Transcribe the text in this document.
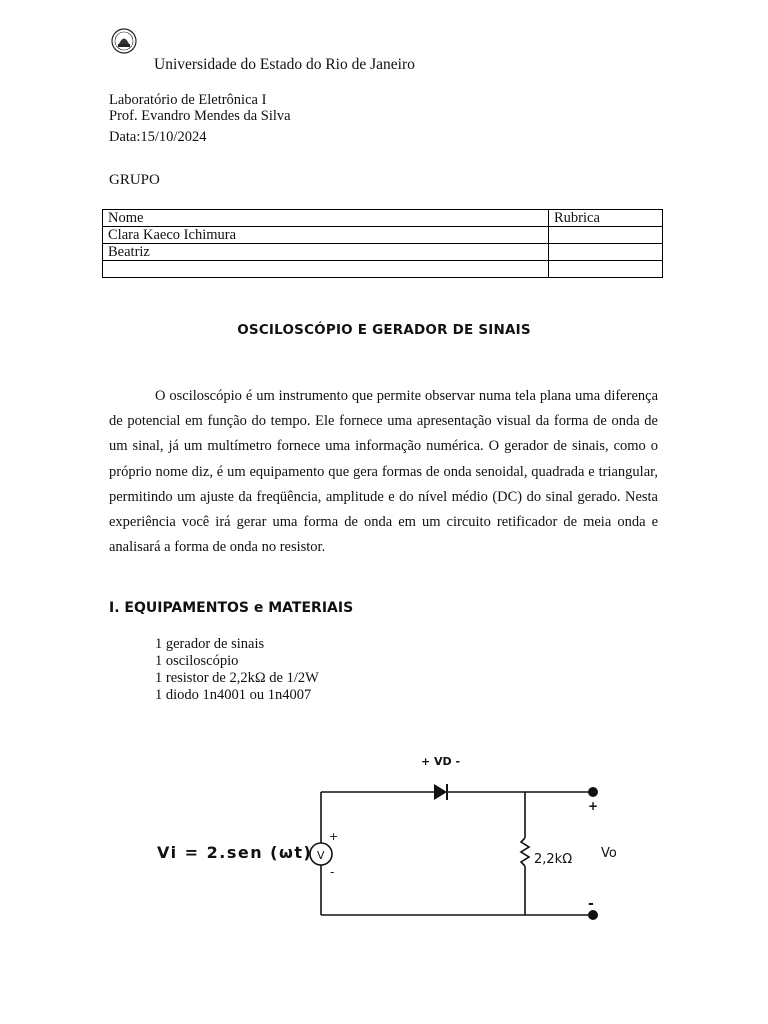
Universidade do Estado do Rio de Janeiro
Laboratório de Eletrônica I
Prof. Evandro Mendes da Silva
Data:15/10/2024
GRUPO
Nome	Rubrica
Clara Kaeco Ichimura	
Beatriz	

OSCILOSCÓPIO E GERADOR DE SINAIS

O osciloscópio é um instrumento que permite observar numa tela plana uma diferença de potencial em função do tempo. Ele fornece uma apresentação visual da forma de onda de um sinal, já um multímetro fornece uma informação numérica. O gerador de sinais, como o próprio nome diz, é um equipamento que gera formas de onda senoidal, quadrada e triangular, permitindo um ajuste da freqüência, amplitude e do nível médio (DC) do sinal gerado. Nesta experiência você irá gerar uma forma de onda em um circuito retificador de meia onda e analisará a forma de onda no resistor.

I. EQUIPAMENTOS e MATERIAIS
1 gerador de sinais
1 osciloscópio
1 resistor de 2,2kΩ de 1/2W
1 diodo 1n4001 ou 1n4007
+ VD -
Vi = 2.sen (ωt) V
+
-
2,2kΩ
+
-
Vo
